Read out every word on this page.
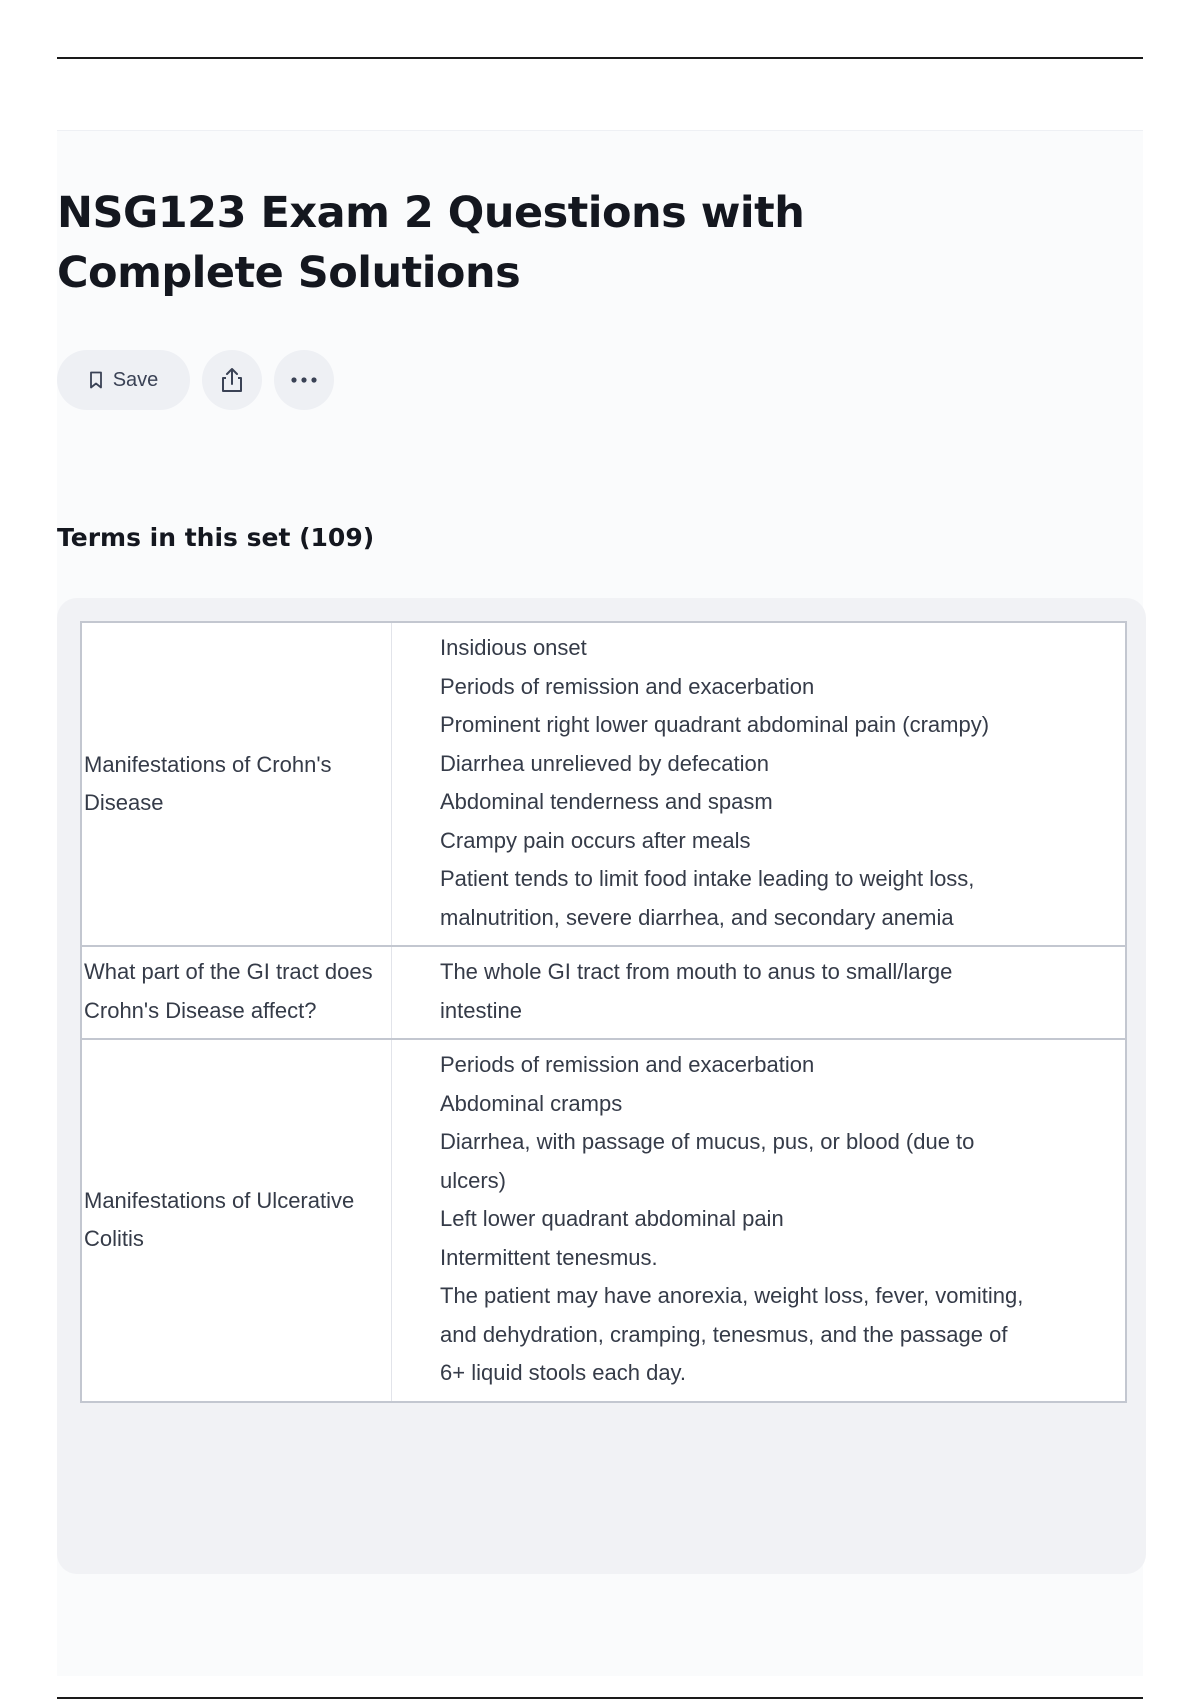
NSG123 Exam 2 Questions with Complete Solutions
Save
Terms in this set (109)
Manifestations of Crohn's Disease
Insidious onset
Periods of remission and exacerbation
Prominent right lower quadrant abdominal pain (crampy)
Diarrhea unrelieved by defecation
Abdominal tenderness and spasm
Crampy pain occurs after meals
Patient tends to limit food intake leading to weight loss, malnutrition, severe diarrhea, and secondary anemia
What part of the GI tract does Crohn's Disease affect?
The whole GI tract from mouth to anus to small/large intestine
Manifestations of Ulcerative Colitis
Periods of remission and exacerbation
Abdominal cramps
Diarrhea, with passage of mucus, pus, or blood (due to ulcers)
Left lower quadrant abdominal pain
Intermittent tenesmus.
The patient may have anorexia, weight loss, fever, vomiting, and dehydration, cramping, tenesmus, and the passage of 6+ liquid stools each day.
